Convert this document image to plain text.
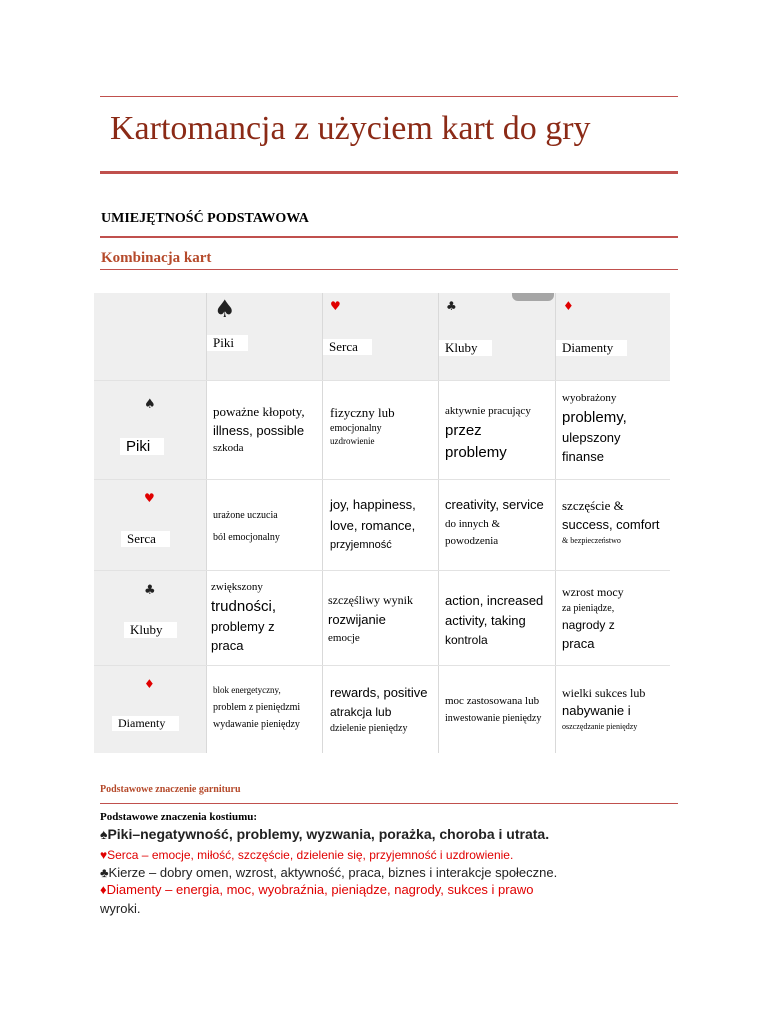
Kartomancja z użyciem kart do gry
UMIEJĘTNOŚĆ PODSTAWOWA
Kombinacja kart
♠
Piki
♥
Serca
♣
Kluby
♦
Diamenty
♠
Piki
♥
Serca
♣
Kluby
♦
Diamenty
poważne kłopoty,
illness, possible
szkoda
fizyczny lub
emocjonalny
uzdrowienie
aktywnie pracujący
przez
problemy
wyobrażony
problemy,
ulepszony
finanse
urażone uczucia
ból emocjonalny
joy, happiness,
love, romance,
przyjemność
creativity, service
do innych &
powodzenia
szczęście &
success, comfort
& bezpieczeństwo
zwiększony
trudności,
problemy z
praca
szczęśliwy wynik
rozwijanie
emocje
action, increased
activity, taking
kontrola
wzrost mocy
za pieniądze,
nagrody z
praca
blok energetyczny,
problem z pieniędzmi
wydawanie pieniędzy
rewards, positive
atrakcja lub
dzielenie pieniędzy
moc zastosowana lub
inwestowanie pieniędzy
wielki sukces lub
nabywanie i
oszczędzanie pieniędzy
Podstawowe znaczenie garnituru
Podstawowe znaczenia kostiumu:
♠Piki–negatywność, problemy, wyzwania, porażka, choroba i utrata.
♥Serca – emocje, miłość, szczęście, dzielenie się, przyjemność i uzdrowienie.
♣Kierze – dobry omen, wzrost, aktywność, praca, biznes i interakcje społeczne.
♦Diamenty – energia, moc, wyobraźnia, pieniądze, nagrody, sukces i prawo
wyroki.
